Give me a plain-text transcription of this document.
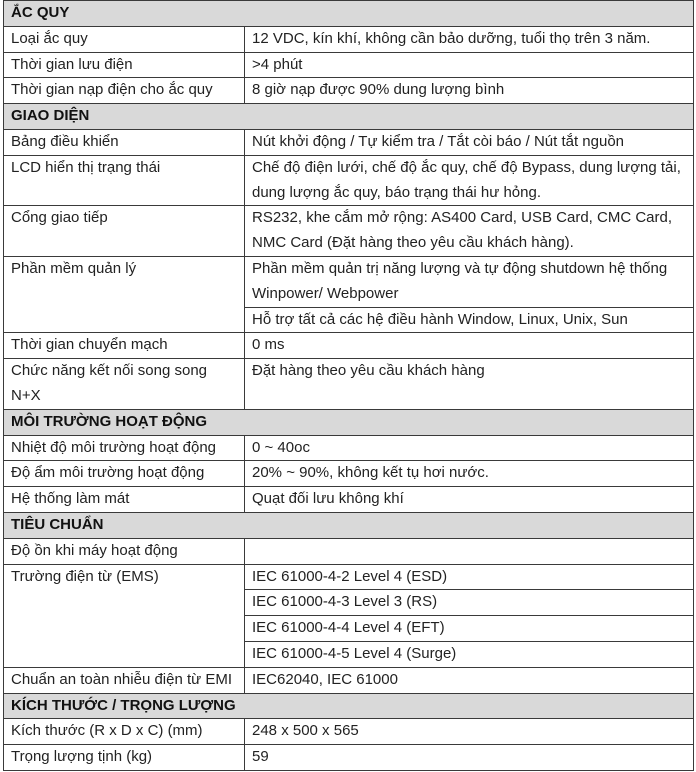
ẮC QUY	
Loại ắc quy	12 VDC, kín khí, không cần bảo dưỡng, tuổi thọ trên 3 năm.
Thời gian lưu điện	>4 phút
Thời gian nạp điện cho ắc quy	8 giờ nạp được 90% dung lượng bình
GIAO DIỆN	
Bảng điều khiển	Nút khởi động / Tự kiểm tra / Tắt còi báo / Nút tắt nguồn
LCD hiển thị trạng thái	Chế độ điện lưới, chế độ ắc quy, chế độ Bypass, dung lượng tải, dung lượng ắc quy, báo trạng thái hư hỏng.
Cổng giao tiếp	RS232, khe cắm mở rộng: AS400 Card, USB Card, CMC Card, NMC Card (Đặt hàng theo yêu cầu khách hàng).
Phần mềm quản lý	Phần mềm quản trị năng lượng và tự động shutdown hệ thống Winpower/ Webpower
	Hỗ trợ tất cả các hệ điều hành Window, Linux, Unix, Sun
Thời gian chuyển mạch	0 ms
Chức năng kết nối song song N+X	Đặt hàng theo yêu cầu khách hàng
MÔI TRƯỜNG HOẠT ĐỘNG	
Nhiệt độ môi trường hoạt động	0 ~ 40oc
Độ ẩm môi trường hoạt động	20% ~ 90%, không kết tụ hơi nước.
Hệ thống làm mát	Quạt đối lưu không khí
TIÊU CHUẨN	
Độ ồn khi máy hoạt động	
Trường điện từ (EMS)	IEC 61000-4-2 Level 4 (ESD)
	IEC 61000-4-3 Level 3 (RS)
	IEC 61000-4-4 Level 4 (EFT)
	IEC 61000-4-5 Level 4 (Surge)
Chuẩn an toàn nhiễu điện từ EMI	IEC62040, IEC 61000
KÍCH THƯỚC / TRỌNG LƯỢNG	
Kích thước (R x D x C) (mm)	248 x 500 x 565
Trọng lượng tịnh (kg)	59
